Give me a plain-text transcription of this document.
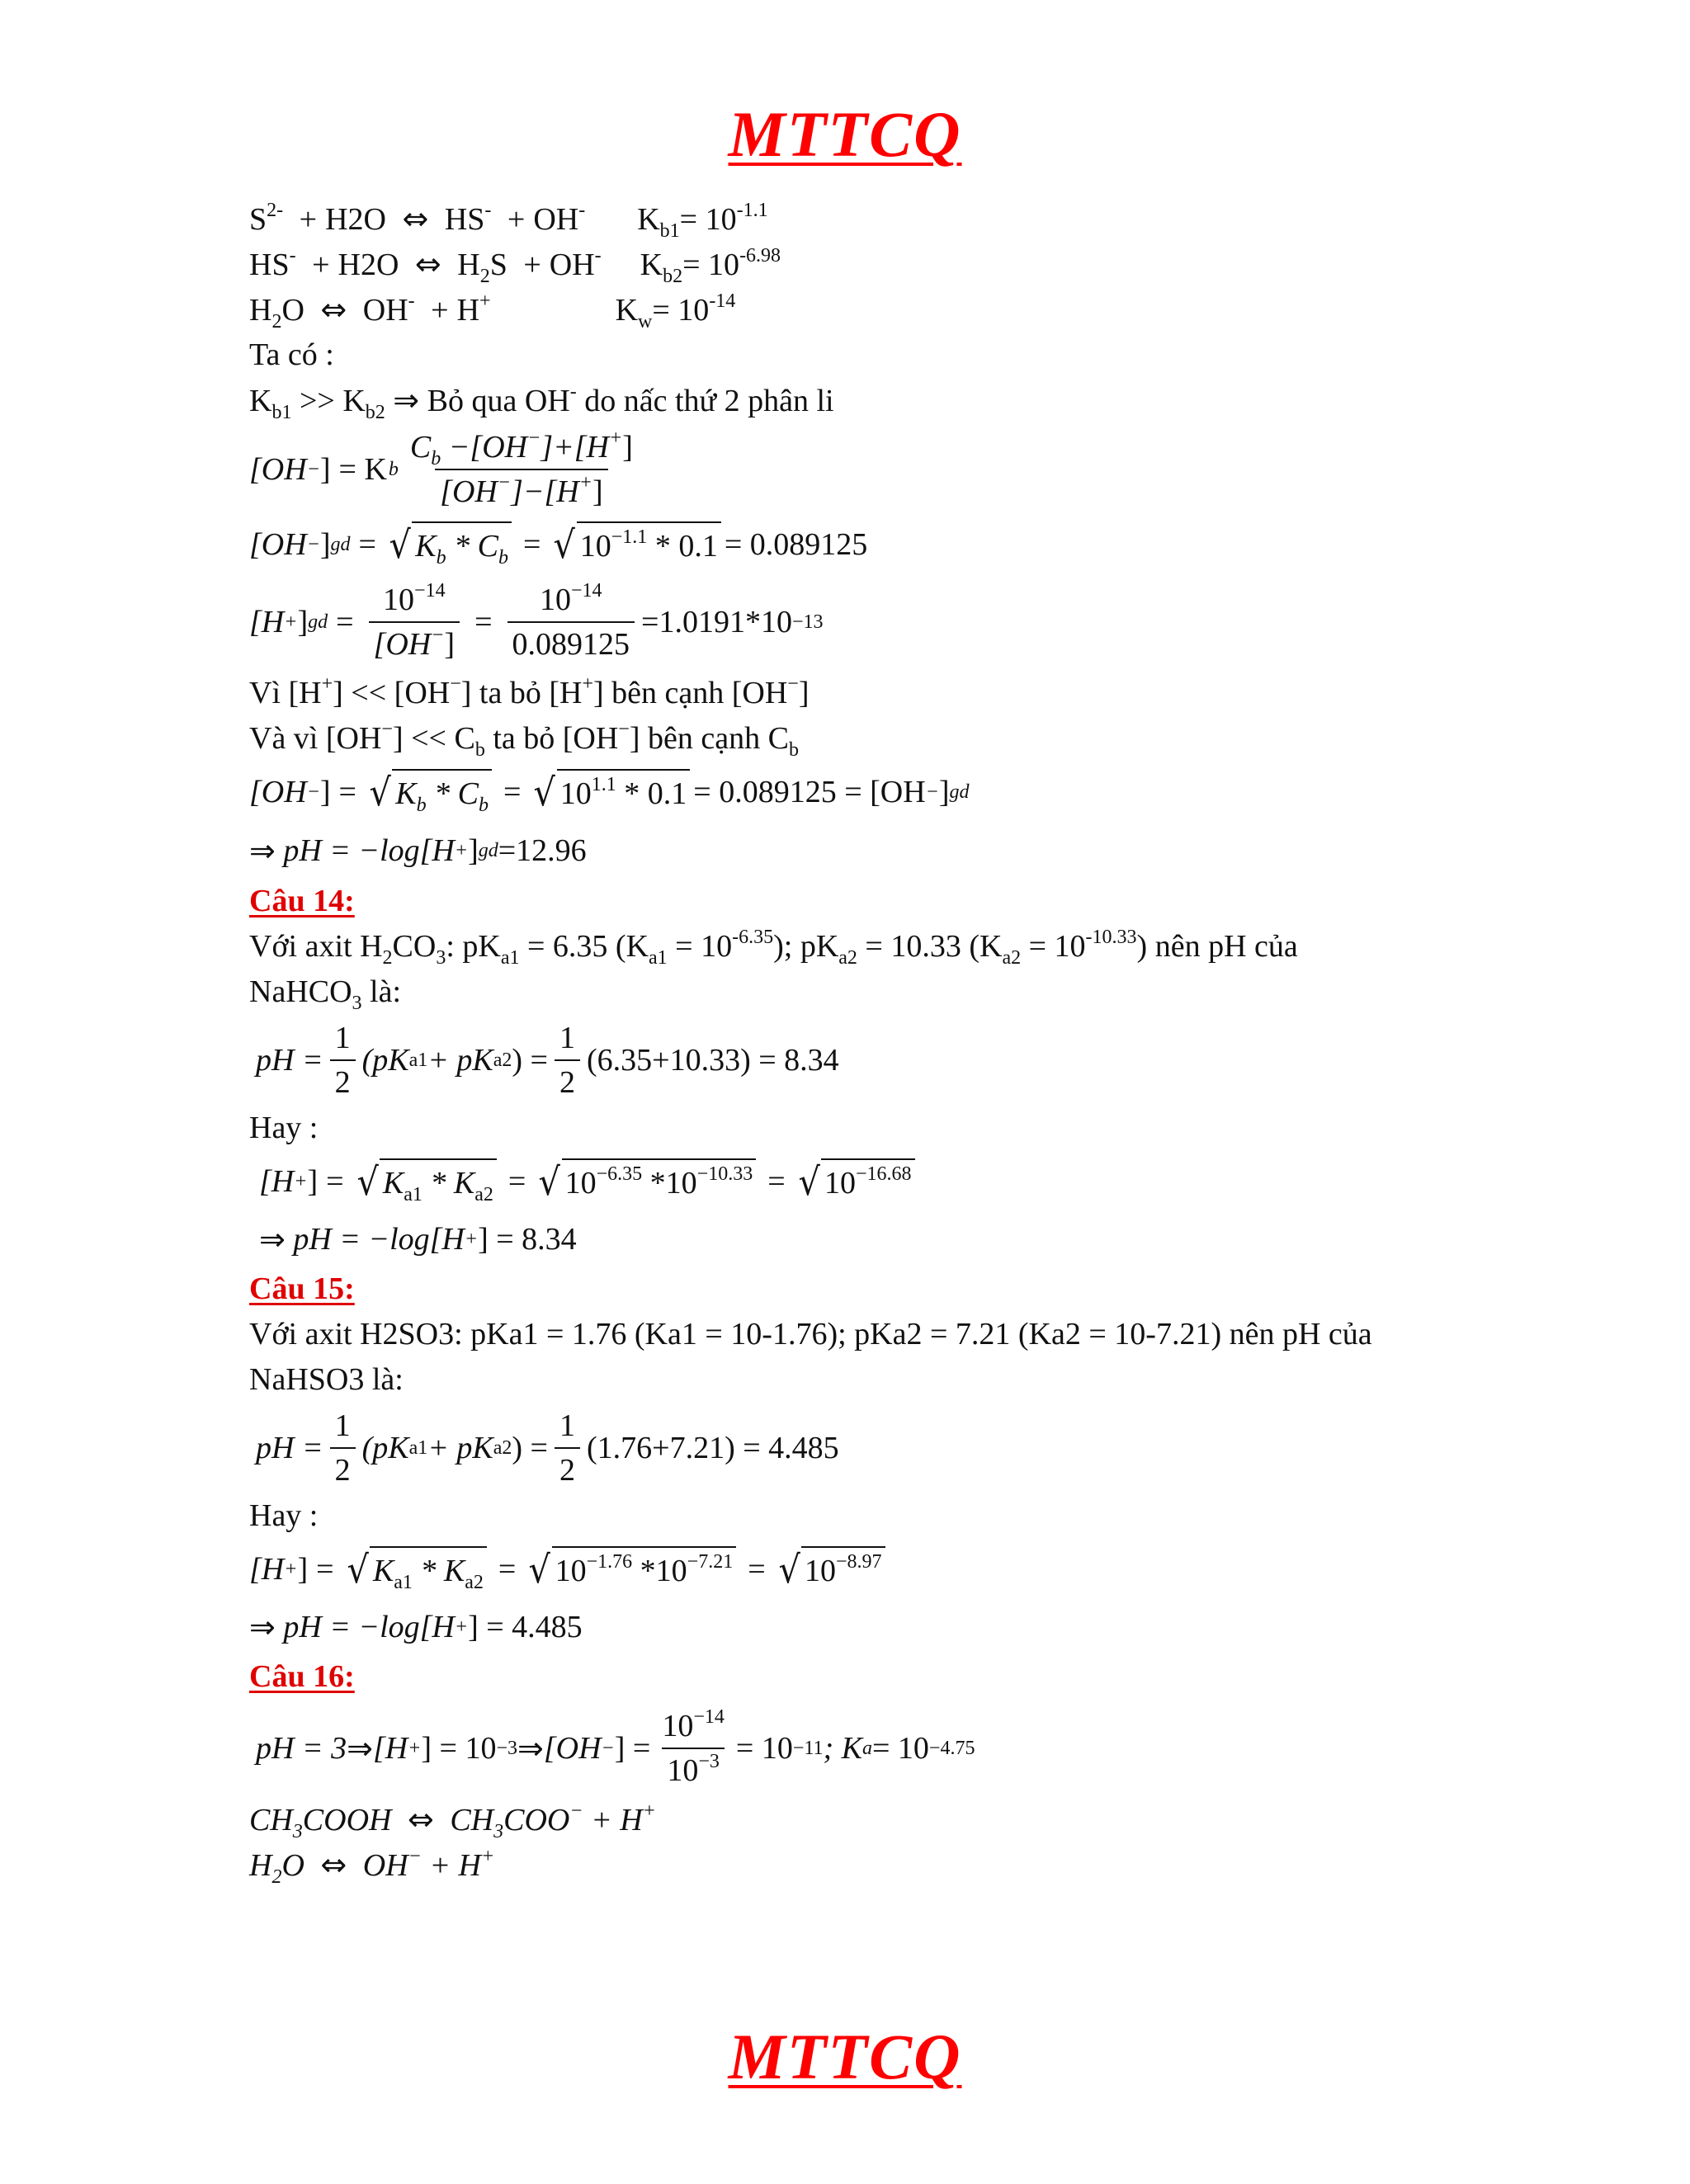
MTTCQ
$S^{2-} + H2O$ ⇔ HS- + OH- $K_{b1}= 10^{-1.1}$
HS- + H2O ⇔ $H_2S + OH^-$ $K_{b2}= 10^{-6.98}$
$H_2O$ ⇔ OH- + H+	$K_w= 10^{-14}$
Ta có :
$K_{b1} >> K_{b2}$ ⇒ Bỏ qua OH- do nấc thứ 2 phân li
[OH − ] = K b $\frac{C_b -[OH^-]+[H^+]}{[OH^-]-[H^+]}$
[OH − ] gd = √ $K_b * C_b$ = √ $10^{-1.1} * 0.1 = 0.089125$
[H + ] gd = $\frac{10^{-14}}{[OH^-]} = \frac{10^{-14}}{0.089125} =1.0191*10 -13$
Vì [H+] << [OH−] ta bỏ [H+] bên cạnh [OH−]
Và vì $[OH^-] << C_b$ ta bỏ [OH−] bên cạnh $C_b$
[OH − ] = √ $K_b * C_b$ = √ $10^{1.1} * 0.1 = 0.089125 = [OH$ − ] gd
⇒
pH = −log[H + ] gd =12.96
Câu 14:
Với axit $H_2CO_3$: $pK_{a1} = 6.35$ $(K_{a1} = 10^{-6.35})$; $pK_{a2} = 10.33$ $(K_{a2} = 10^{-10.33})$ nên pH của
NaHCO$_3$ là:
pH = $\frac{1}{2} (pK$ a 1 + pK a 2 ) = $\frac{1}{2} (6.35+10.33) = 8.34$
Hay :
[H + ] = √ $K_{a1} * K_{a2}$ = √ $10^{-6.35}$ $*10^{-10.33}$ = √ $10^{-16.68}$
⇒
pH = −log[H + ] = 8.34
Câu 15:
Với axit H2SO3: pKa1 = 1.76 (Ka1 = 10-1.76); pKa2 = 7.21 (Ka2 = 10-7.21) nên pH của
NaHSO3 là:
pH = $\frac{1}{2} (pK$ a 1 + pK a 2 ) = $\frac{1}{2} (1.76+7.21) = 4.485$
Hay :
[H + ] = √ $K_{a1} * K_{a2}$ = √ $10^{-1.76}$ $*10^{-7.21}$ = √ $10^{-8.97}$
⇒
pH = −log[H + ] = 4.485
Câu 16:
pH = 3 ⇒ [H + ] = 10 −3 ⇒ [OH − ] = $\frac{10^{-14}}{10^{-3}} = 10 -11$ ; K a = 10 −4.75
$CH_3COOH$ ⇔ $CH_3COO^- + H^+$
$H_2O$ ⇔ OH− + H+
MTTCQ
